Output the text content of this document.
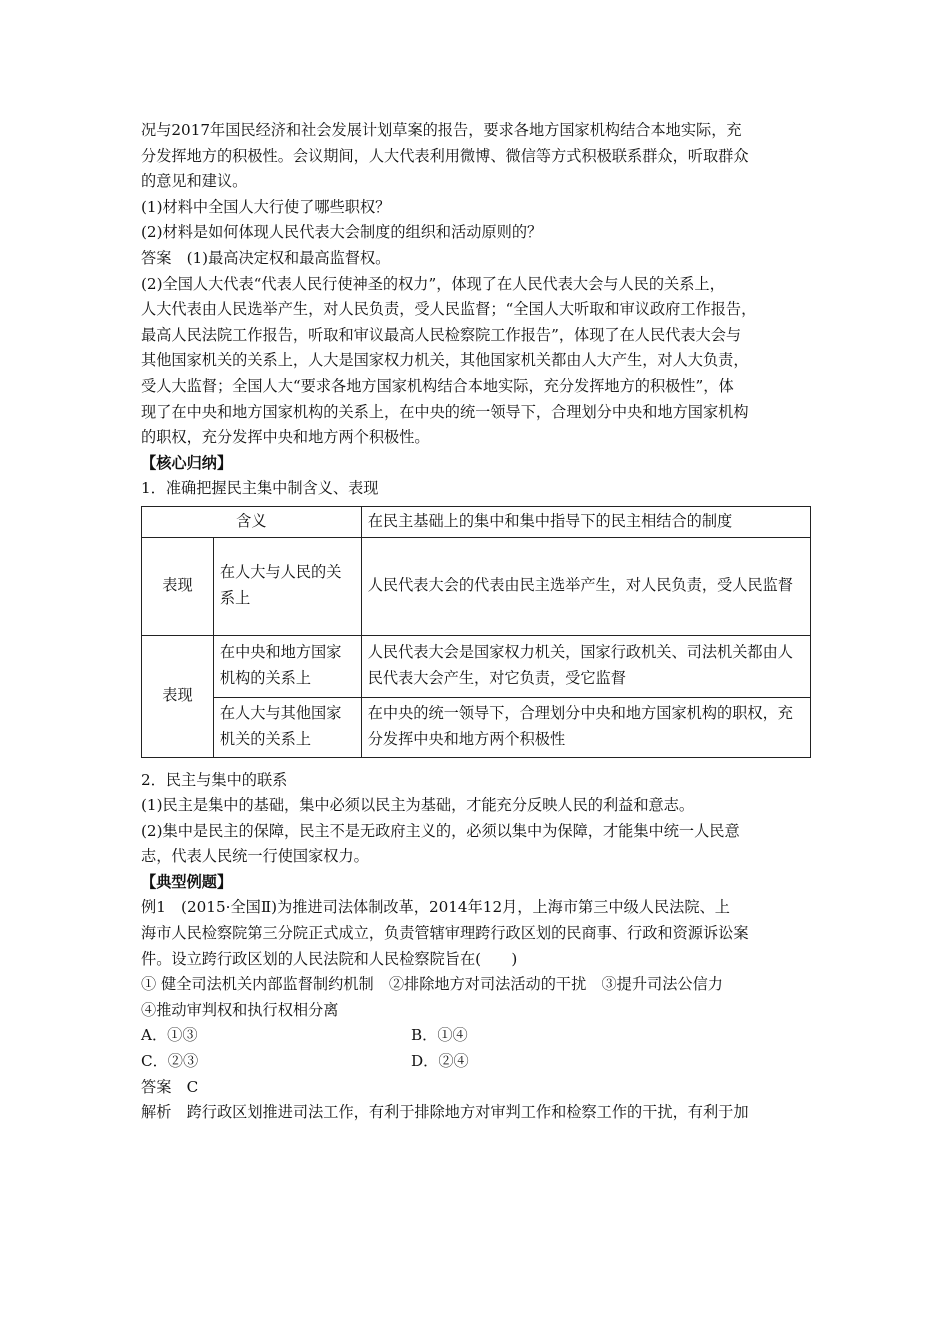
况与2017年国民经济和社会发展计划草案的报告，要求各地方国家机构结合本地实际，充

分发挥地方的积极性。会议期间，人大代表利用微博、微信等方式积极联系群众，听取群众

的意见和建议。

(1)材料中全国人大行使了哪些职权？

(2)材料是如何体现人民代表大会制度的组织和活动原则的？

答案　(1)最高决定权和最高监督权。

(2)全国人大代表“代表人民行使神圣的权力”，体现了在人民代表大会与人民的关系上，

人大代表由人民选举产生，对人民负责，受人民监督；“全国人大听取和审议政府工作报告，

最高人民法院工作报告，听取和审议最高人民检察院工作报告”，体现了在人民代表大会与

其他国家机关的关系上，人大是国家权力机关，其他国家机关都由人大产生，对人大负责，

受人大监督；全国人大“要求各地方国家机构结合本地实际，充分发挥地方的积极性”，体

现了在中央和地方国家机构的关系上，在中央的统一领导下，合理划分中央和地方国家机构

的职权，充分发挥中央和地方两个积极性。

【核心归纳】

1．准确把握民主集中制含义、表现

含义		在民主基础上的集中和集中指导下的民主相结合的制度
表现	在人大与人民的关系上	人民代表大会的代表由民主选举产生，对人民负责，受人民监督
表现	在中央和地方国家机构的关系上	人民代表大会是国家权力机关，国家行政机关、司法机关都由人民代表大会产生，对它负责，受它监督
	在人大与其他国家机关的关系上	在中央的统一领导下，合理划分中央和地方国家机构的职权，充分发挥中央和地方两个积极性

2．民主与集中的联系

(1)民主是集中的基础，集中必须以民主为基础，才能充分反映人民的利益和意志。

(2)集中是民主的保障，民主不是无政府主义的，必须以集中为保障，才能集中统一人民意

志，代表人民统一行使国家权力。

【典型例题】

例1　(2015·全国Ⅱ)为推进司法体制改革，2014年12月，上海市第三中级人民法院、上

海市人民检察院第三分院正式成立，负责管辖审理跨行政区划的民商事、行政和资源诉讼案

件。设立跨行政区划的人民法院和人民检察院旨在(　　)

① 健全司法机关内部监督制约机制　②排除地方对司法活动的干扰　③提升司法公信力

④推动审判权和执行权相分离

A．①③	B．①④
C．②③	D．②④

答案　C

解析　跨行政区划推进司法工作，有利于排除地方对审判工作和检察工作的干扰，有利于加
